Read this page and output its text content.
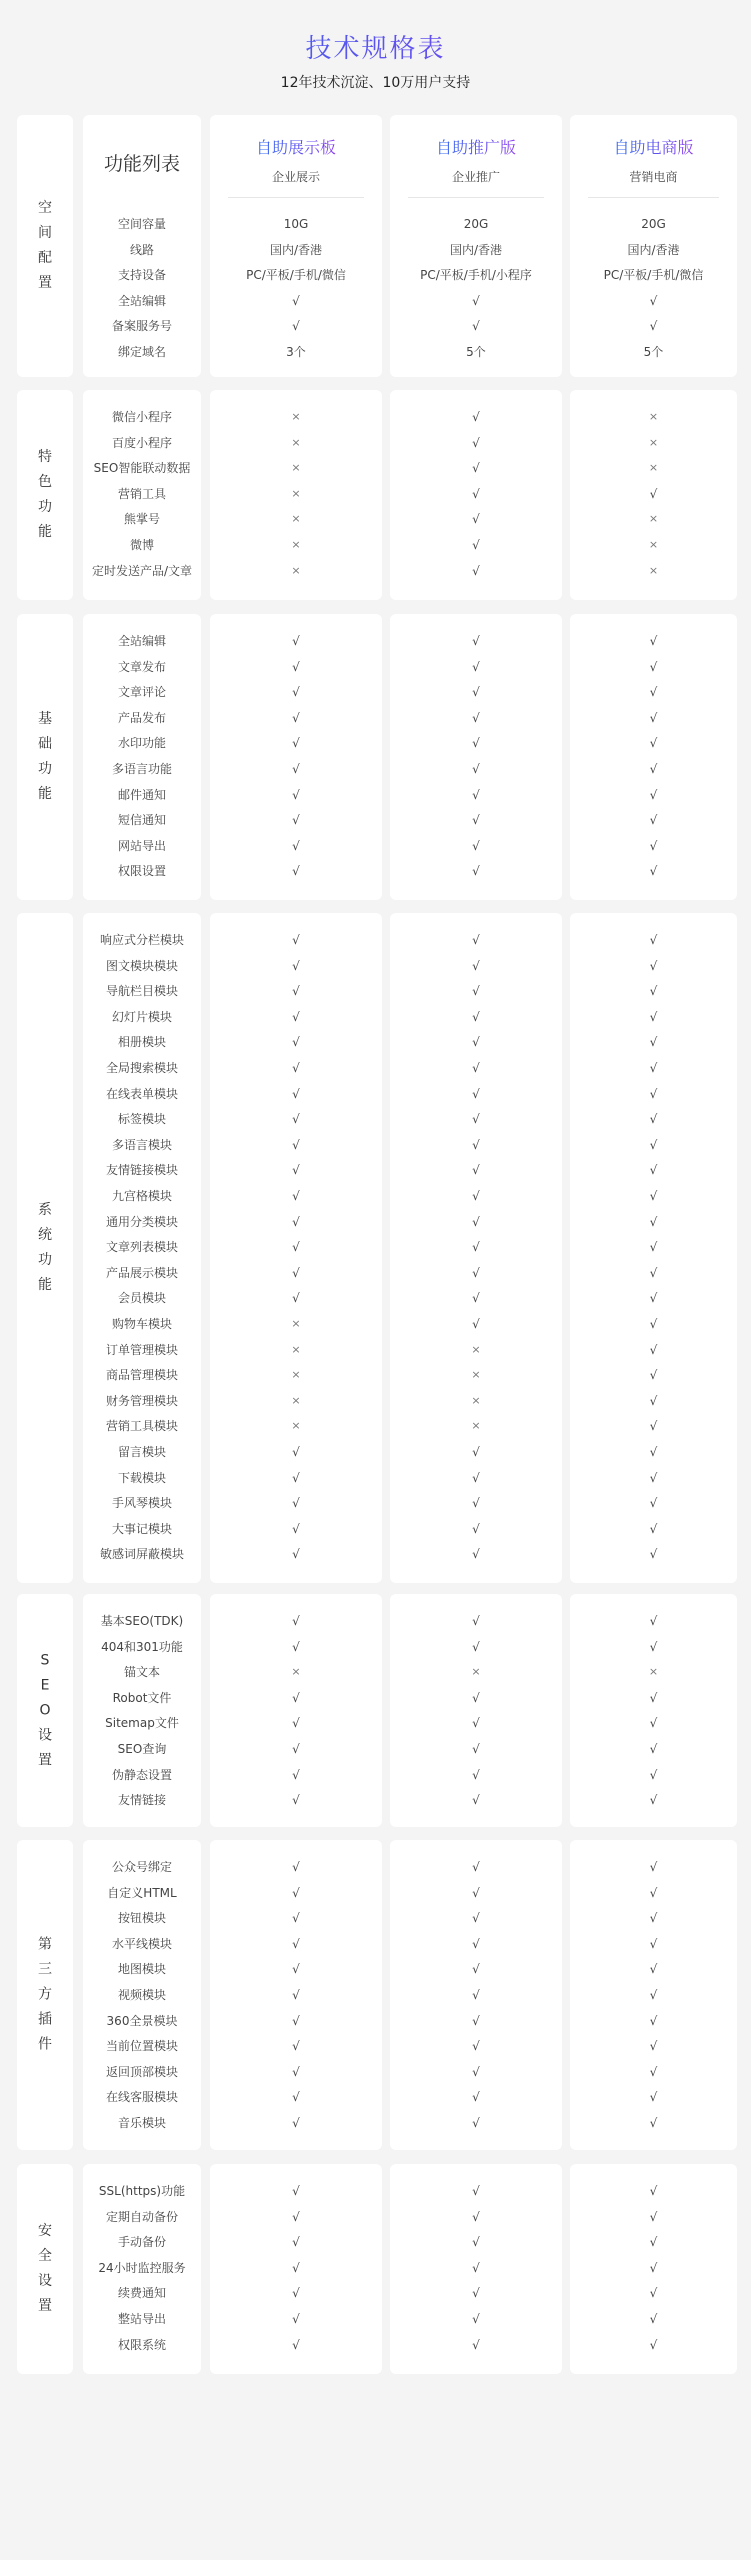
技术规格表
12年技术沉淀、10万用户支持
空
间
配
置
功能列表
空间容量
线路
支持设备
全站编辑
备案服务号
绑定域名
自助展示板
企业展示
10G
国内/香港
PC/平板/手机/微信
√
√
3个
自助推广版
企业推广
20G
国内/香港
PC/平板/手机/小程序
√
√
5个
自助电商版
营销电商
20G
国内/香港
PC/平板/手机/微信
√
√
5个
特
色
功
能
微信小程序
百度小程序
SEO智能联动数据
营销工具
熊掌号
微博
定时发送产品/文章
×
×
×
×
×
×
×
√
√
√
√
√
√
√
×
×
×
√
×
×
×
基
础
功
能
全站编辑
文章发布
文章评论
产品发布
水印功能
多语言功能
邮件通知
短信通知
网站导出
权限设置
√
√
√
√
√
√
√
√
√
√
√
√
√
√
√
√
√
√
√
√
√
√
√
√
√
√
√
√
√
√
系
统
功
能
响应式分栏模块
图文模块模块
导航栏目模块
幻灯片模块
相册模块
全局搜索模块
在线表单模块
标签模块
多语言模块
友情链接模块
九宫格模块
通用分类模块
文章列表模块
产品展示模块
会员模块
购物车模块
订单管理模块
商品管理模块
财务管理模块
营销工具模块
留言模块
下载模块
手风琴模块
大事记模块
敏感词屏蔽模块
√
√
√
√
√
√
√
√
√
√
√
√
√
√
√
×
×
×
×
×
√
√
√
√
√
√
√
√
√
√
√
√
√
√
√
√
√
√
√
√
√
×
×
×
×
√
√
√
√
√
√
√
√
√
√
√
√
√
√
√
√
√
√
√
√
√
√
√
√
√
√
√
√
√
√
S
E
O
设
置
基本SEO(TDK)
404和301功能
锚文本
Robot文件
Sitemap文件
SEO查询
伪静态设置
友情链接
√
√
×
√
√
√
√
√
√
√
×
√
√
√
√
√
√
√
×
√
√
√
√
√
第
三
方
插
件
公众号绑定
自定义HTML
按钮模块
水平线模块
地图模块
视频模块
360全景模块
当前位置模块
返回顶部模块
在线客服模块
音乐模块
√
√
√
√
√
√
√
√
√
√
√
√
√
√
√
√
√
√
√
√
√
√
√
√
√
√
√
√
√
√
√
√
√
安
全
设
置
SSL(https)功能
定期自动备份
手动备份
24小时监控服务
续费通知
整站导出
权限系统
√
√
√
√
√
√
√
√
√
√
√
√
√
√
√
√
√
√
√
√
√
